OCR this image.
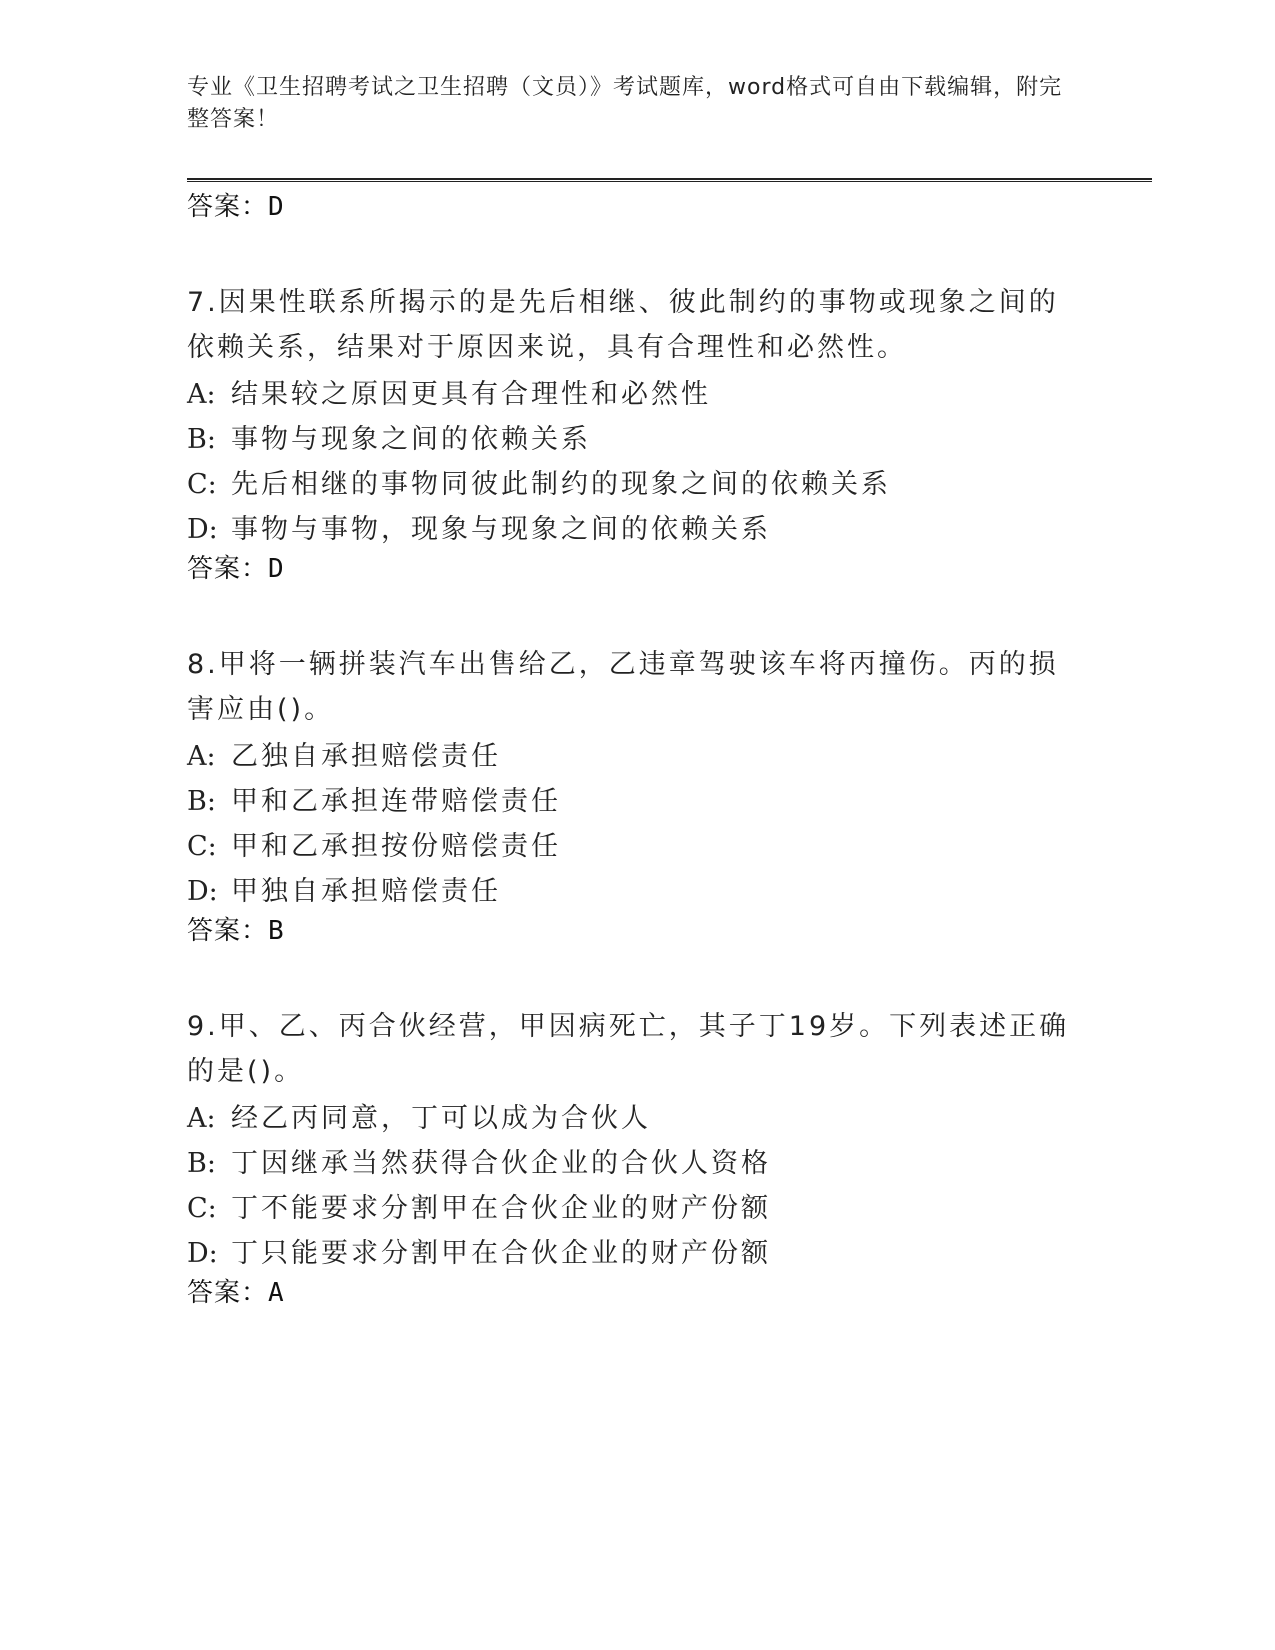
专业《卫生招聘考试之卫生招聘（文员）》考试题库，word格式可自由下载编辑，附完整答案！

答案：D

7.因果性联系所揭示的是先后相继、彼此制约的事物或现象之间的依赖关系，结果对于原因来说，具有合理性和必然性。

A: 结果较之原因更具有合理性和必然性
B: 事物与现象之间的依赖关系
C: 先后相继的事物同彼此制约的现象之间的依赖关系
D: 事物与事物，现象与现象之间的依赖关系

答案：D

8.甲将一辆拼装汽车出售给乙，乙违章驾驶该车将丙撞伤。丙的损害应由()。

A: 乙独自承担赔偿责任
B: 甲和乙承担连带赔偿责任
C: 甲和乙承担按份赔偿责任
D: 甲独自承担赔偿责任

答案：B

9.甲、乙、丙合伙经营，甲因病死亡，其子丁19岁。下列表述正确的是()。

A: 经乙丙同意，丁可以成为合伙人
B: 丁因继承当然获得合伙企业的合伙人资格
C: 丁不能要求分割甲在合伙企业的财产份额
D: 丁只能要求分割甲在合伙企业的财产份额

答案：A
